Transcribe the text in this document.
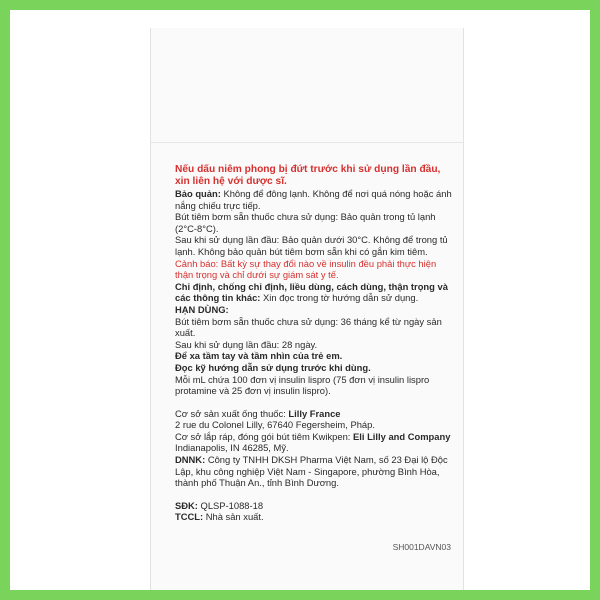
Nếu dấu niêm phong bị đứt trước khi sử dụng lần đầu, xin liên hệ với dược sĩ.

Bảo quản: Không để đông lạnh. Không để nơi quá nóng hoặc ánh nắng chiếu trực tiếp.

Bút tiêm bơm sẵn thuốc chưa sử dụng: Bảo quản trong tủ lạnh (2°C-8°C).

Sau khi sử dụng lần đầu: Bảo quản dưới 30°C. Không để trong tủ lạnh. Không bảo quản bút tiêm bơm sẵn khi có gắn kim tiêm.

Cảnh báo: Bất kỳ sự thay đổi nào về insulin đều phải thực hiện thận trọng và chỉ dưới sự giám sát y tế.

Chỉ định, chống chỉ định, liều dùng, cách dùng, thận trọng và các thông tin khác: Xin đọc trong tờ hướng dẫn sử dụng.

HẠN DÙNG:

Bút tiêm bơm sẵn thuốc chưa sử dụng: 36 tháng kể từ ngày sản xuất.

Sau khi sử dụng lần đầu: 28 ngày.

Để xa tầm tay và tầm nhìn của trẻ em.

Đọc kỹ hướng dẫn sử dụng trước khi dùng.

Mỗi mL chứa 100 đơn vị insulin lispro (75 đơn vị insulin lispro protamine và 25 đơn vị insulin lispro).

Cơ sở sản xuất ống thuốc: Lilly France

2 rue du Colonel Lilly, 67640 Fegersheim, Pháp.

Cơ sở lắp ráp, đóng gói bút tiêm Kwikpen: Eli Lilly and Company

Indianapolis, IN 46285, Mỹ.

DNNK: Công ty TNHH DKSH Pharma Việt Nam, số 23 Đại lộ Độc Lập, khu công nghiệp Việt Nam - Singapore, phường Bình Hòa, thành phố Thuận An., tỉnh Bình Dương.

SĐK: QLSP-1088-18

TCCL: Nhà sản xuất.

SH001DAVN03
